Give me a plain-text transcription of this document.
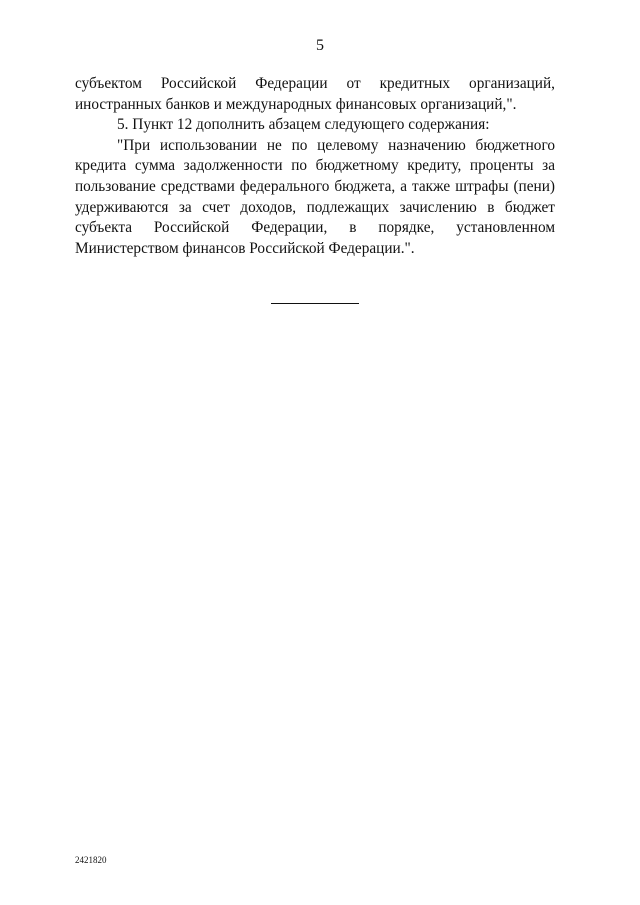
5
субъектом Российской Федерации от кредитных организаций,
иностранных банков и международных финансовых организаций,".
5. Пункт 12 дополнить абзацем следующего содержания:
"При использовании не по целевому назначению бюджетного
кредита сумма задолженности по бюджетному кредиту, проценты за
пользование средствами федерального бюджета, а также штрафы (пени)
удерживаются за счет доходов, подлежащих зачислению в бюджет
субъекта Российской Федерации, в порядке, установленном
Министерством финансов Российской Федерации.".
2421820
